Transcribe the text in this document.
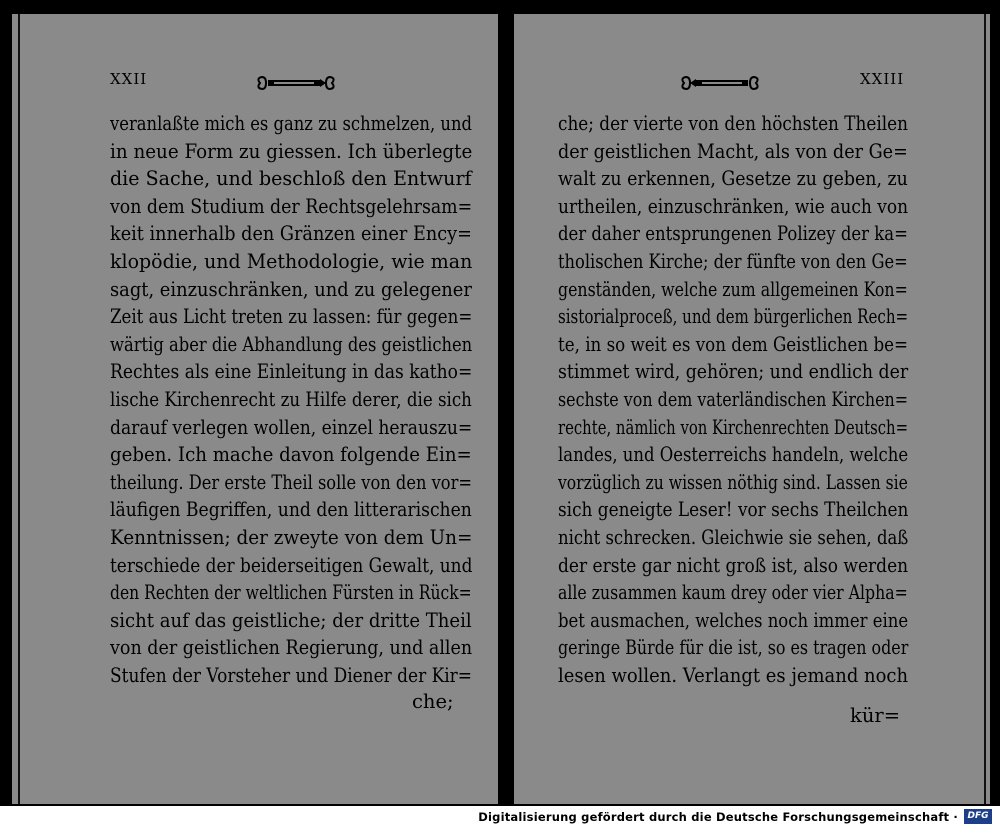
XXII
veranlaßte mich es ganz zu schmelzen, und
in neue Form zu giessen. Ich überlegte
die Sache, und beschloß den Entwurf
von dem Studium der Rechtsgelehrsam=
keit innerhalb den Gränzen einer Ency=
klopödie, und Methodologie, wie man
sagt, einzuschränken, und zu gelegener
Zeit aus Licht treten zu lassen: für gegen=
wärtig aber die Abhandlung des geistlichen
Rechtes als eine Einleitung in das katho=
lische Kirchenrecht zu Hilfe derer, die sich
darauf verlegen wollen, einzel herauszu=
geben. Ich mache davon folgende Ein=
theilung. Der erste Theil solle von den vor=
läufigen Begriffen, und den litterarischen
Kenntnissen; der zweyte von dem Un=
terschiede der beiderseitigen Gewalt, und
den Rechten der weltlichen Fürsten in Rück=
sicht auf das geistliche; der dritte Theil
von der geistlichen Regierung, und allen
Stufen der Vorsteher und Diener der Kir=
che;
XXIII
che; der vierte von den höchsten Theilen
der geistlichen Macht, als von der Ge=
walt zu erkennen, Gesetze zu geben, zu
urtheilen, einzuschränken, wie auch von
der daher entsprungenen Polizey der ka=
tholischen Kirche; der fünfte von den Ge=
genständen, welche zum allgemeinen Kon=
sistorialproceß, und dem bürgerlichen Rech=
te, in so weit es von dem Geistlichen be=
stimmet wird, gehören; und endlich der
sechste von dem vaterländischen Kirchen=
rechte, nämlich von Kirchenrechten Deutsch=
landes, und Oesterreichs handeln, welche
vorzüglich zu wissen nöthig sind. Lassen sie
sich geneigte Leser! vor sechs Theilchen
nicht schrecken. Gleichwie sie sehen, daß
der erste gar nicht groß ist, also werden
alle zusammen kaum drey oder vier Alpha=
bet ausmachen, welches noch immer eine
geringe Bürde für die ist, so es tragen oder
lesen wollen. Verlangt es jemand noch
kür=
Digitalisierung gefördert durch die Deutsche Forschungsgemeinschaft ·	DFG
